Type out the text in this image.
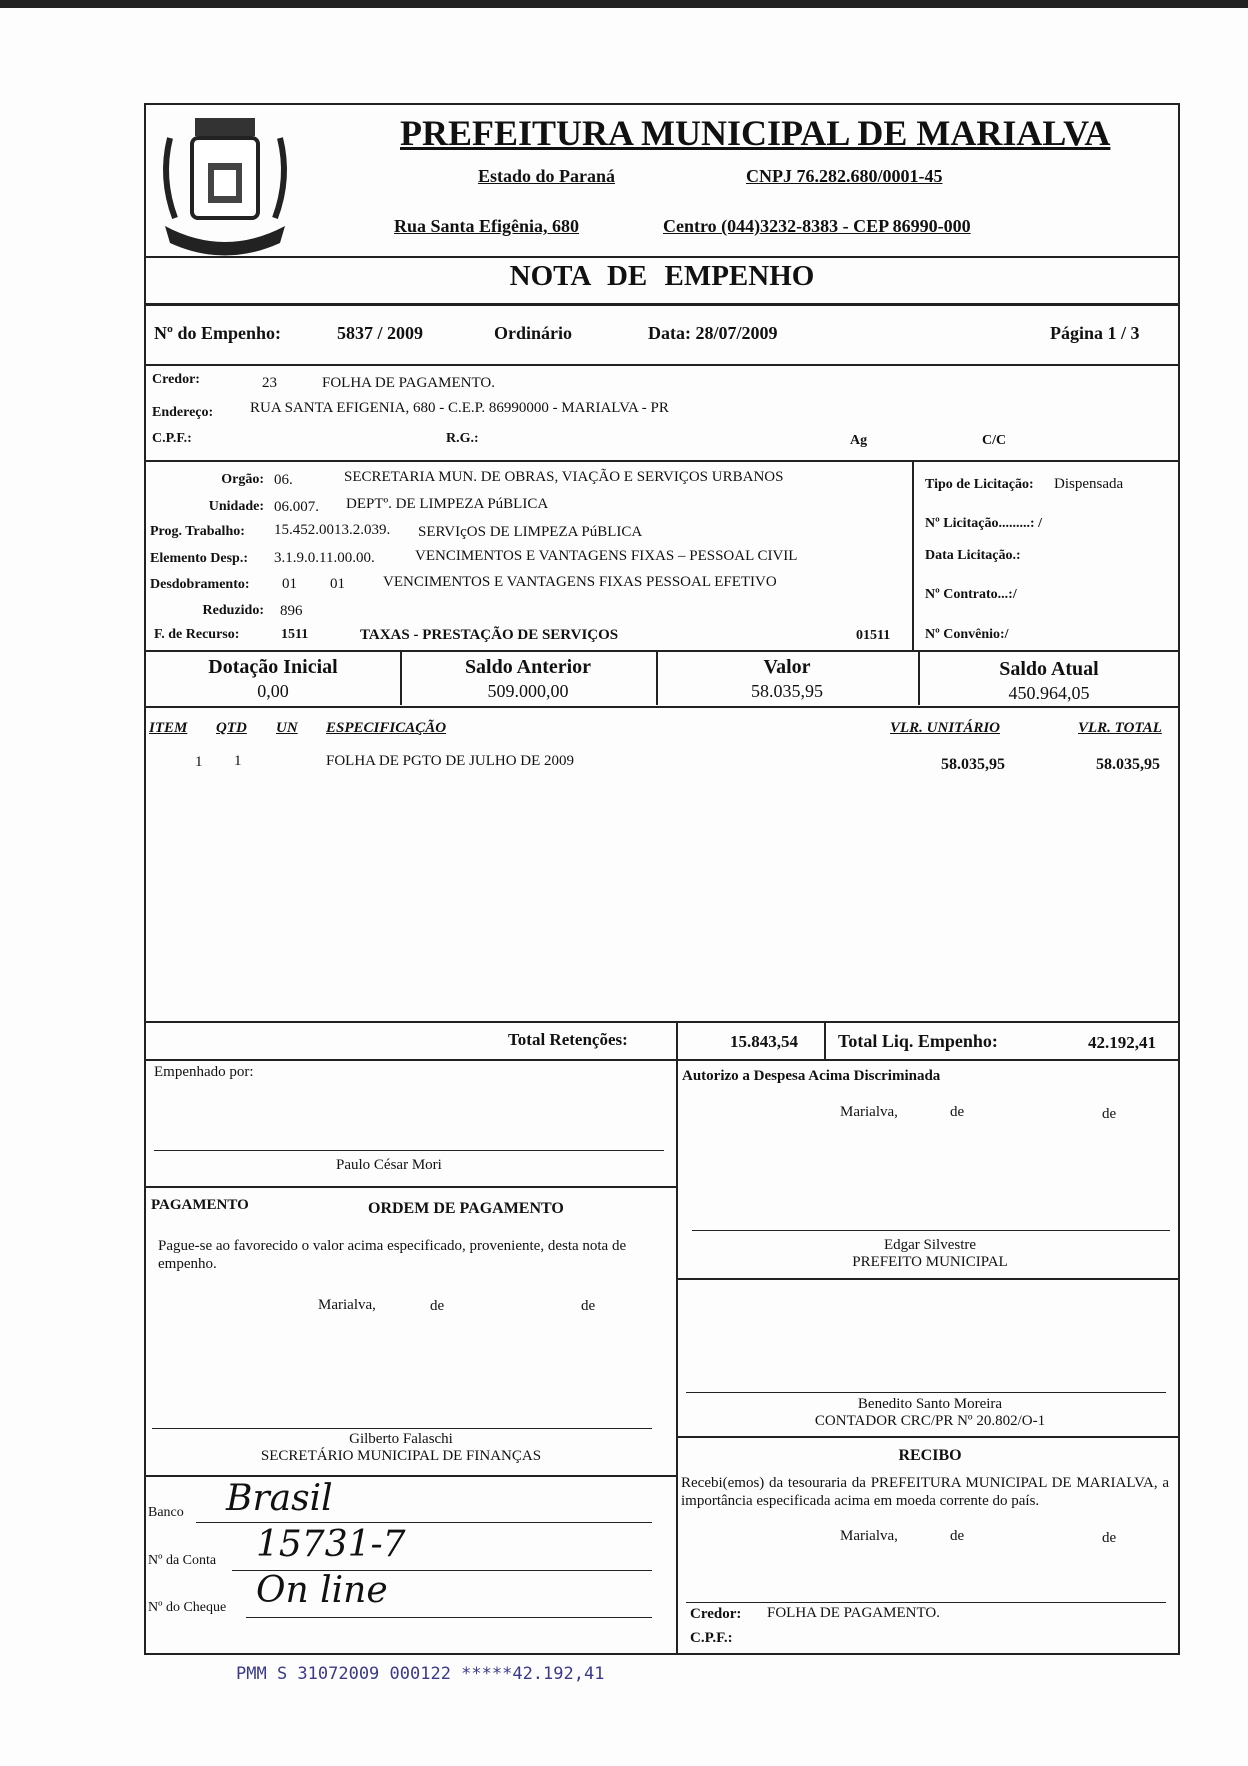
PREFEITURA MUNICIPAL DE MARIALVA
Estado do Paraná	CNPJ 76.282.680/0001-45
Rua Santa Efigênia, 680	Centro (044)3232-8383 - CEP 86990-000
NOTA DE EMPENHO
Nº do Empenho:	5837 / 2009	Ordinário	Data: 28/07/2009	Página 1 / 3
Credor:	23	FOLHA DE PAGAMENTO.
Endereço: RUA SANTA EFIGENIA, 680 - C.E.P. 86990000 - MARIALVA - PR
C.P.F.:	R.G.:	Ag	C/C
Orgão: 06.	SECRETARIA MUN. DE OBRAS, VIAÇÃO E SERVIÇOS URBANOS
Unidade: 06.007. DEPTº. DE LIMPEZA PúBLICA
Prog. Trabalho: 15.452.0013.2.039. SERVIçOS DE LIMPEZA PúBLICA
Elemento Desp.: 3.1.9.0.11.00.00.	VENCIMENTOS E VANTAGENS FIXAS – PESSOAL CIVIL
Desdobramento: 01 01	VENCIMENTOS E VANTAGENS FIXAS PESSOAL EFETIVO
Reduzido: 896
F. de Recurso:	1511	TAXAS - PRESTAÇÃO DE SERVIÇOS	01511
Tipo de Licitação: Dispensada
Nº Licitação.........: /
Data Licitação.:
Nº Contrato...:/
Nº Convênio:/
Dotação Inicial
0,00
Saldo Anterior
509.000,00
Valor
58.035,95
Saldo Atual
450.964,05
ITEM QTD UN ESPECIFICAÇÃO	VLR. UNITÁRIO	VLR. TOTAL
1 1	FOLHA DE PGTO DE JULHO DE 2009	58.035,95	58.035,95
Total Retenções:	15.843,54 Total Liq. Empenho:	42.192,41
Empenhado por:
Paulo César Mori
Autorizo a Despesa Acima Discriminada
Marialva,	de	de
Edgar Silvestre
PREFEITO MUNICIPAL
PAGAMENTO	ORDEM DE PAGAMENTO
Pague-se ao favorecido o valor acima especificado, proveniente, desta nota de empenho.
Marialva,	de	de
Gilberto Falaschi
SECRETÁRIO MUNICIPAL DE FINANÇAS
Benedito Santo Moreira
CONTADOR CRC/PR Nº 20.802/O-1
Banco Brasil
Nº da Conta 15731-7
Nº do Cheque On line
RECIBO
Recebi(emos) da tesouraria da PREFEITURA MUNICIPAL DE MARIALVA, a importância especificada acima em moeda corrente do país.
Marialva,	de	de
Credor: FOLHA DE PAGAMENTO.
C.P.F.:
PMM S 31072009 000122 *****42.192,41
